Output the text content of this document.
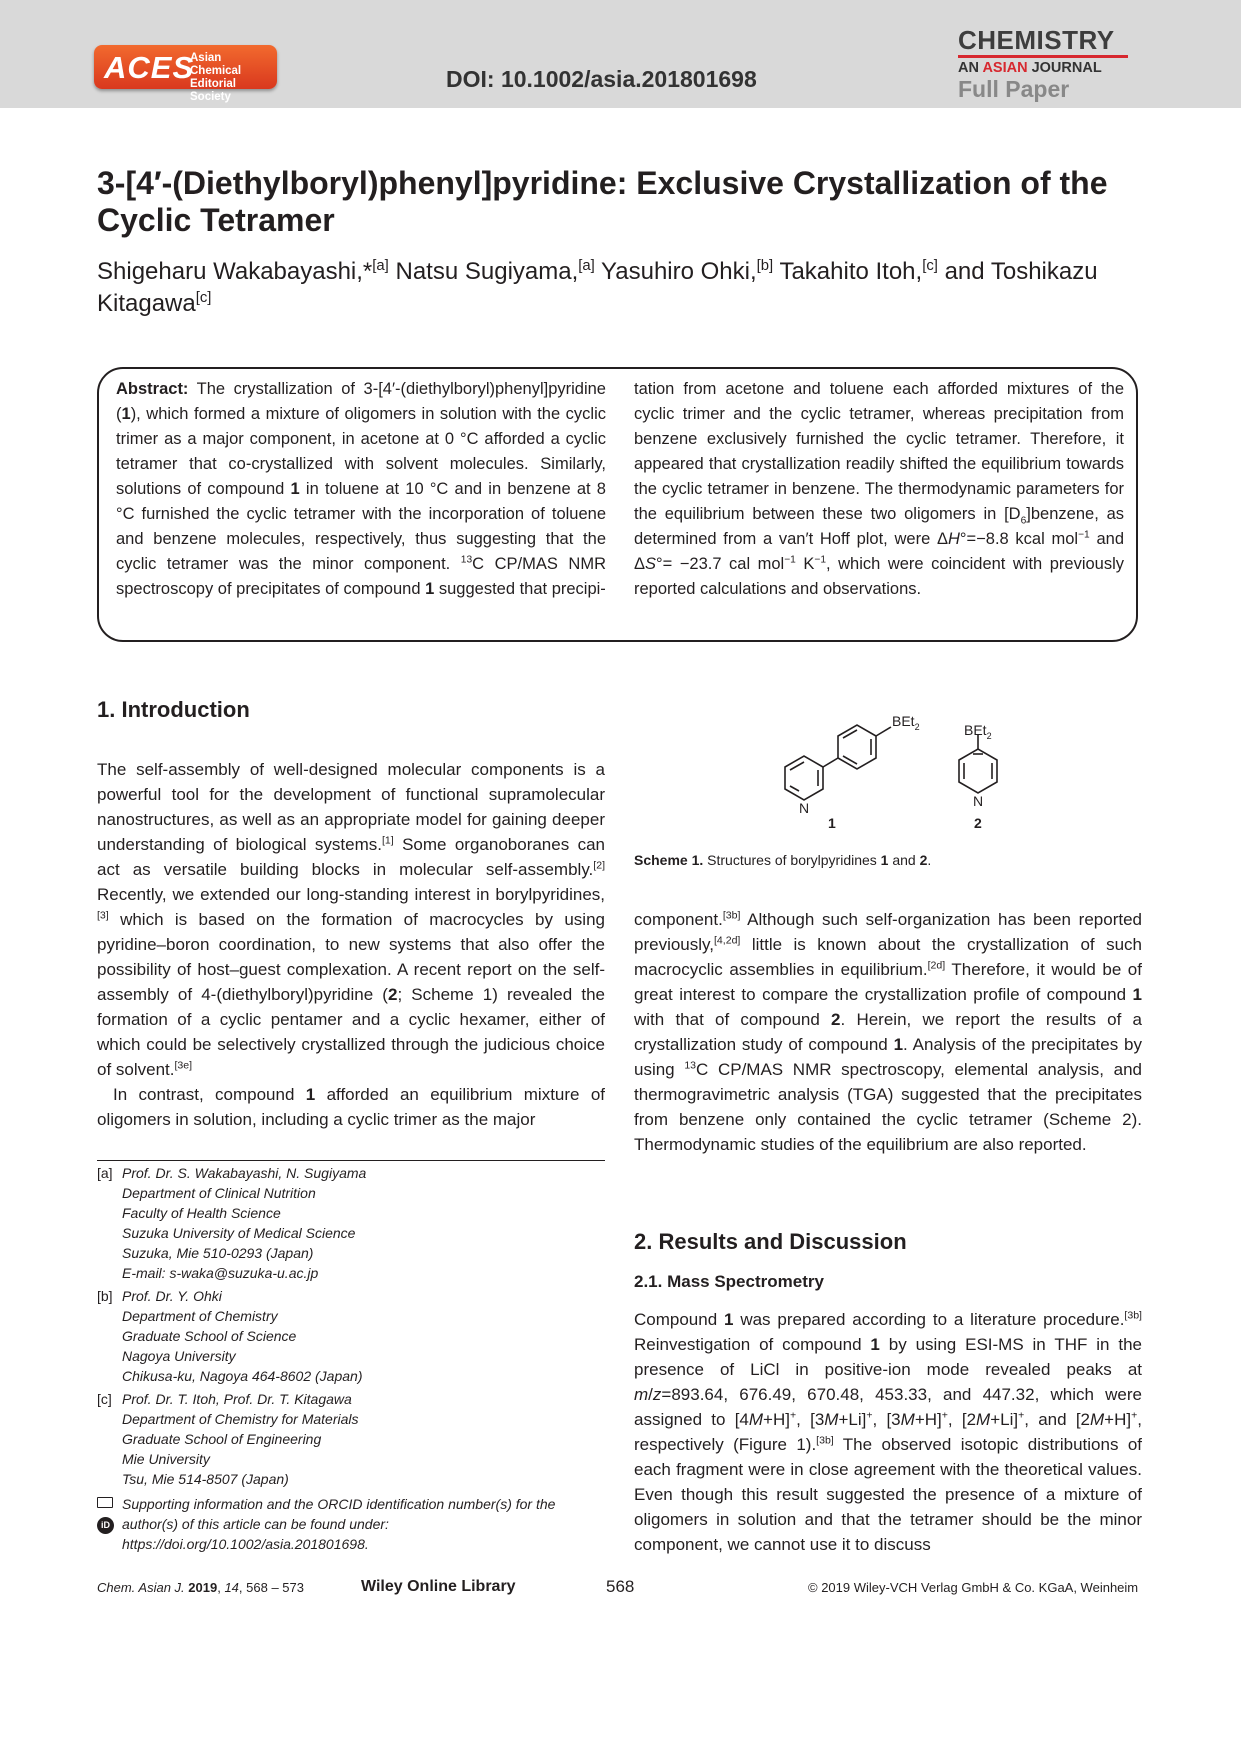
ACES
Asian Chemical Editorial Society
DOI: 10.1002/asia.201801698
CHEMISTRY
AN ASIAN JOURNAL
Full Paper
3-[4′-(Diethylboryl)phenyl]pyridine: Exclusive Crystallization of the Cyclic Tetramer
Shigeharu Wakabayashi,*[a] Natsu Sugiyama,[a] Yasuhiro Ohki,[b] Takahito Itoh,[c] and Toshikazu Kitagawa[c]
Abstract: The crystallization of 3-[4′-(diethylboryl)phenyl]pyridine (1), which formed a mixture of oligomers in solution with the cyclic trimer as a major component, in acetone at 0 °C afforded a cyclic tetramer that co-crystallized with solvent molecules. Similarly, solutions of compound 1 in toluene at 10 °C and in benzene at 8 °C furnished the cyclic tetramer with the incorporation of toluene and benzene molecules, respectively, thus suggesting that the cyclic tetramer was the minor component. $^{13}$C CP/MAS NMR spectroscopy of precipitates of compound 1 suggested that precipi-
tation from acetone and toluene each afforded mixtures of the cyclic trimer and the cyclic tetramer, whereas precipitation from benzene exclusively furnished the cyclic tetramer. Therefore, it appeared that crystallization readily shifted the equilibrium towards the cyclic tetramer in benzene. The thermodynamic parameters for the equilibrium between these two oligomers in $[D_6]benzene$, as determined from a van′t Hoff plot, were ΔH°=−8.8 kcal mol$^{-1}$ and ΔS°= −23.7 cal mol$^{-1}$ $K^{-1}$, which were coincident with previously reported calculations and observations.
1. Introduction
The self-assembly of well-designed molecular components is a powerful tool for the development of functional supramolecular nanostructures, as well as an appropriate model for gaining deeper understanding of biological systems.[1] Some organoboranes can act as versatile building blocks in molecular self-assembly.[2] Recently, we extended our long-standing interest in borylpyridines,[3] which is based on the formation of macrocycles by using pyridine–boron coordination, to new systems that also offer the possibility of host–guest complexation. A recent report on the self-assembly of 4-(diethylboryl)pyridine (2; Scheme 1) revealed the formation of a cyclic pentamer and a cyclic hexamer, either of which could be selectively crystallized through the judicious choice of solvent.[3e]
In contrast, compound 1 afforded an equilibrium mixture of oligomers in solution, including a cyclic trimer as the major
BEt$_2$
N
BEt$_2$
N
1	2
Scheme 1. Structures of borylpyridines 1 and 2.
component.[3b] Although such self-organization has been reported previously,[4,2d] little is known about the crystallization of such macrocyclic assemblies in equilibrium.[2d] Therefore, it would be of great interest to compare the crystallization profile of compound 1 with that of compound 2. Herein, we report the results of a crystallization study of compound 1. Analysis of the precipitates by using $^{13}$C CP/MAS NMR spectroscopy, elemental analysis, and thermogravimetric analysis (TGA) suggested that the precipitates from benzene only contained the cyclic tetramer (Scheme 2). Thermodynamic studies of the equilibrium are also reported.
2. Results and Discussion
2.1. Mass Spectrometry
Compound 1 was prepared according to a literature procedure.[3b] Reinvestigation of compound 1 by using ESI-MS in THF in the presence of LiCl in positive-ion mode revealed peaks at m/z=893.64, 676.49, 670.48, 453.33, and 447.32, which were assigned to [4M+H]+, [3M+Li]+, [3M+H]+, [2M+Li]+, and [2M+H]+, respectively (Figure 1).[3b] The observed isotopic distributions of each fragment were in close agreement with the theoretical values. Even though this result suggested the presence of a mixture of oligomers in solution and that the tetramer should be the minor component, we cannot use it to discuss
[a] Prof. Dr. S. Wakabayashi, N. Sugiyama
Department of Clinical Nutrition
Faculty of Health Science
Suzuka University of Medical Science
Suzuka, Mie 510-0293 (Japan)
E-mail: s-waka@suzuka-u.ac.jp
[b] Prof. Dr. Y. Ohki
Department of Chemistry
Graduate School of Science
Nagoya University
Chikusa-ku, Nagoya 464-8602 (Japan)
[c] Prof. Dr. T. Itoh, Prof. Dr. T. Kitagawa
Department of Chemistry for Materials
Graduate School of Engineering
Mie University
Tsu, Mie 514-8507 (Japan)
iD
Supporting information and the ORCID identification number(s) for the author(s) of this article can be found under: https://doi.org/10.1002/asia.201801698.
Chem. Asian J. 2019, 14, 568 – 573	Wiley Online Library	568	© 2019 Wiley-VCH Verlag GmbH & Co. KGaA, Weinheim
